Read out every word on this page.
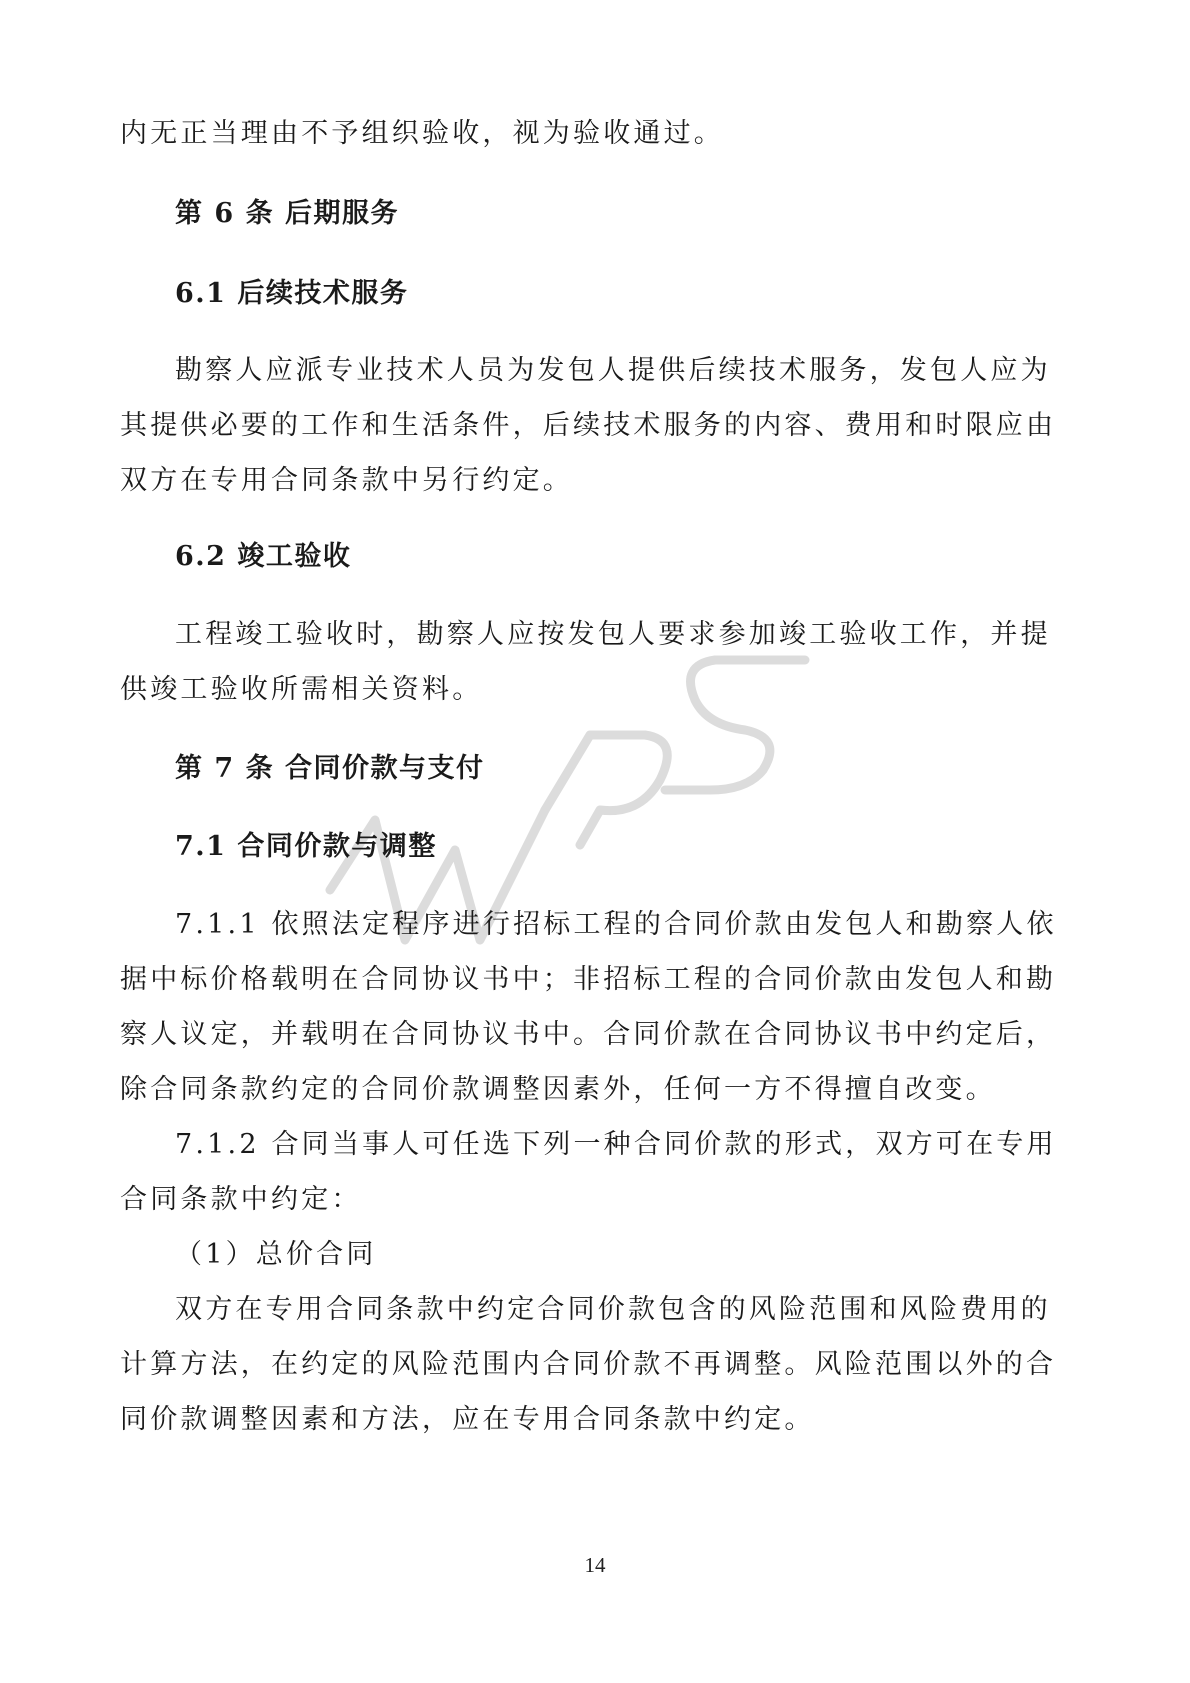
内无正当理由不予组织验收，视为验收通过。
第 6 条 后期服务
6.1 后续技术服务
勘察人应派专业技术人员为发包人提供后续技术服务，发包人应为
其提供必要的工作和生活条件，后续技术服务的内容、费用和时限应由
双方在专用合同条款中另行约定。
6.2 竣工验收
工程竣工验收时，勘察人应按发包人要求参加竣工验收工作，并提
供竣工验收所需相关资料。
第 7 条 合同价款与支付
7.1 合同价款与调整
7.1.1 依照法定程序进行招标工程的合同价款由发包人和勘察人依
据中标价格载明在合同协议书中；非招标工程的合同价款由发包人和勘
察人议定，并载明在合同协议书中。合同价款在合同协议书中约定后，
除合同条款约定的合同价款调整因素外，任何一方不得擅自改变。
7.1.2 合同当事人可任选下列一种合同价款的形式，双方可在专用
合同条款中约定：
（1）总价合同
双方在专用合同条款中约定合同价款包含的风险范围和风险费用的
计算方法，在约定的风险范围内合同价款不再调整。风险范围以外的合
同价款调整因素和方法，应在专用合同条款中约定。
14
